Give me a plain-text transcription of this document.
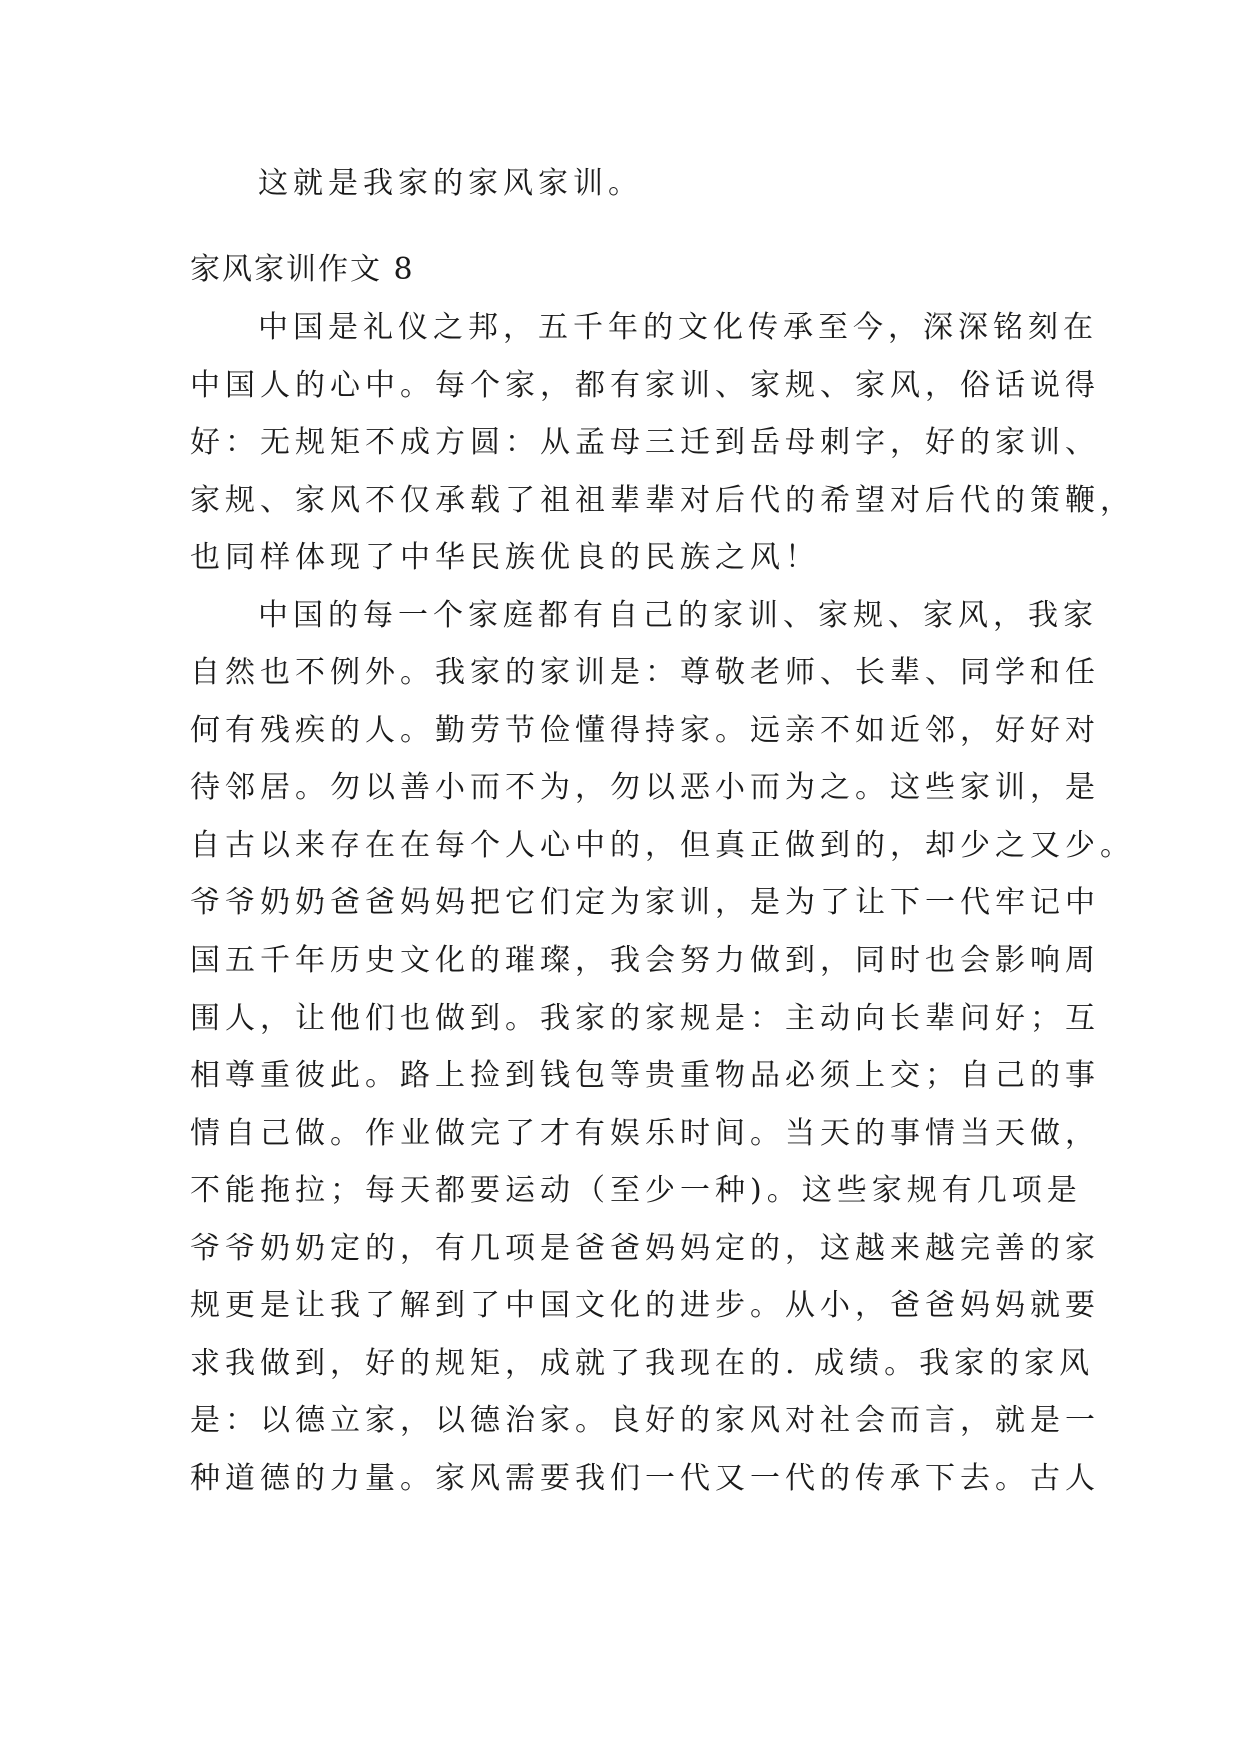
这就是我家的家风家训。
家风家训作文 8
中国是礼仪之邦，五千年的文化传承至今，深深铭刻在
中国人的心中。每个家，都有家训、家规、家风，俗话说得
好：无规矩不成方圆：从孟母三迁到岳母刺字，好的家训、
家规、家风不仅承载了祖祖辈辈对后代的希望对后代的策鞭，
也同样体现了中华民族优良的民族之风！
中国的每一个家庭都有自己的家训、家规、家风，我家
自然也不例外。我家的家训是：尊敬老师、长辈、同学和任
何有残疾的人。勤劳节俭懂得持家。远亲不如近邻，好好对
待邻居。勿以善小而不为，勿以恶小而为之。这些家训，是
自古以来存在在每个人心中的，但真正做到的，却少之又少。
爷爷奶奶爸爸妈妈把它们定为家训，是为了让下一代牢记中
国五千年历史文化的璀璨，我会努力做到，同时也会影响周
围人，让他们也做到。我家的家规是：主动向长辈问好；互
相尊重彼此。路上捡到钱包等贵重物品必须上交；自己的事
情自己做。作业做完了才有娱乐时间。当天的事情当天做，
不能拖拉；每天都要运动（至少一种)。这些家规有几项是
爷爷奶奶定的，有几项是爸爸妈妈定的，这越来越完善的家
规更是让我了解到了中国文化的进步。从小，爸爸妈妈就要
求我做到，好的规矩，成就了我现在的. 成绩。我家的家风
是：以德立家，以德治家。良好的家风对社会而言，就是一
种道德的力量。家风需要我们一代又一代的传承下去。古人
